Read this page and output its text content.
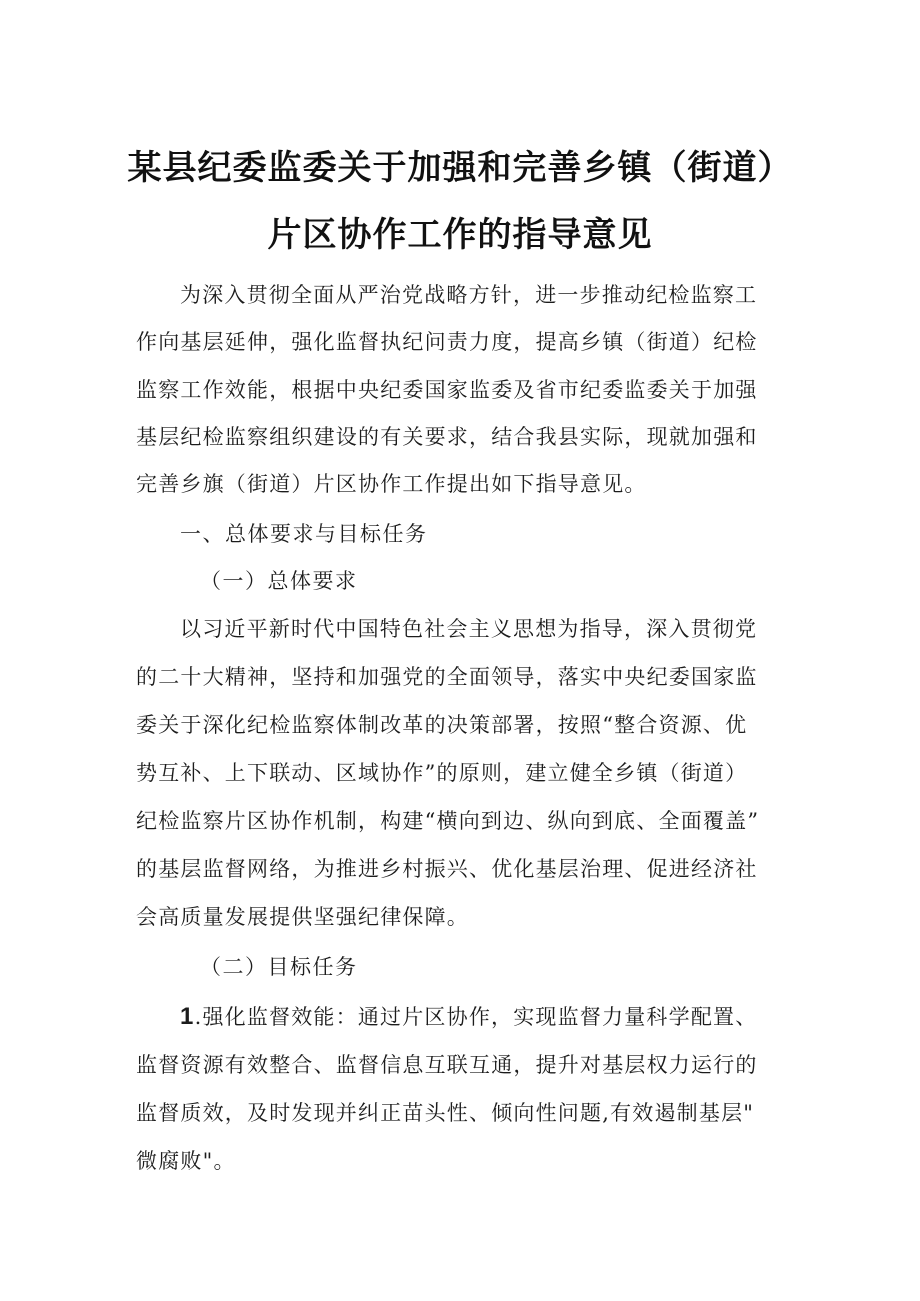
某县纪委监委关于加强和完善乡镇（街道）
片区协作工作的指导意见
为深入贯彻全面从严治党战略方针，进一步推动纪检监察工
作向基层延伸，强化监督执纪问责力度，提高乡镇（街道）纪检
监察工作效能，根据中央纪委国家监委及省市纪委监委关于加强
基层纪检监察组织建设的有关要求，结合我县实际，现就加强和
完善乡旗（街道）片区协作工作提出如下指导意见。
一、总体要求与目标任务
（一）总体要求
以习近平新时代中国特色社会主义思想为指导，深入贯彻党
的二十大精神，坚持和加强党的全面领导，落实中央纪委国家监
委关于深化纪检监察体制改革的决策部署，按照“整合资源、优
势互补、上下联动、区域协作”的原则，建立健全乡镇（街道）
纪检监察片区协作机制，构建“横向到边、纵向到底、全面覆盖”
的基层监督网络，为推进乡村振兴、优化基层治理、促进经济社
会高质量发展提供坚强纪律保障。
（二）目标任务
1.强化监督效能：通过片区协作，实现监督力量科学配置、
监督资源有效整合、监督信息互联互通，提升对基层权力运行的
监督质效，及时发现并纠正苗头性、倾向性问题,有效遏制基层"
微腐败"。
